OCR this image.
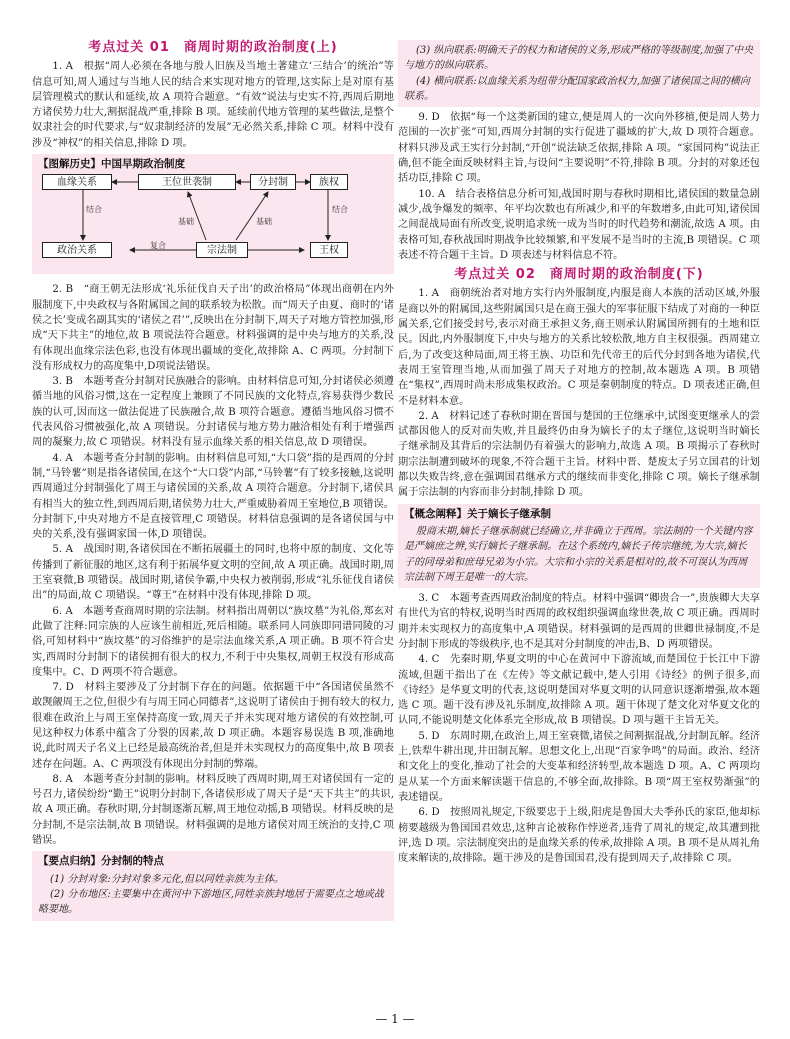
考点过关 01　商周时期的政治制度(上)

1. A　根据“周人必须在各地与殷人旧族及当地土著建立‘三结合’的统治”等信息可知,周人通过与当地人民的结合来实现对地方的管理,这实际上是对原有基层管理模式的默认和延续,故 A 项符合题意。“有效”说法与史实不符,西周后期地方诸侯势力壮大,割据混战严重,排除 B 项。延续前代地方管理的某些做法,是整个奴隶社会的时代要求,与“奴隶制经济的发展”无必然关系,排除 C 项。材料中没有涉及“神权”的相关信息,排除 D 项。

【图解历史】中国早期政治制度
血缘关系	王位世袭制	分封制	族权
政治关系	宗法制	王权
结合	结合
基础	基础
复合

2. B　“商王朝无法形成‘礼乐征伐自天子出’的政治格局”体现出商朝在内外服制度下,中央政权与各附属国之间的联系较为松散。而“周天子由夏、商时的‘诸侯之长’变成名副其实的‘诸侯之君’”,反映出在分封制下,周天子对地方管控加强,形成“天下共主”的地位,故 B 项说法符合题意。材料强调的是中央与地方的关系,没有体现出血缘宗法色彩,也没有体现出疆域的变化,故排除 A、C 两项。分封制下没有形成权力的高度集中,D项说法错误。

3. B　本题考查分封制对民族融合的影响。由材料信息可知,分封诸侯必须遵循当地的风俗习惯,这在一定程度上兼顾了不同民族的文化特点,容易获得少数民族的认可,因而这一做法促进了民族融合,故 B 项符合题意。遵循当地风俗习惯不代表风俗习惯被强化,故 A 项错误。分封诸侯与地方势力融洽相处有利于增强西周的凝聚力,故 C 项错误。材料没有显示血缘关系的相关信息,故 D 项错误。

4. A　本题考查分封制的影响。由材料信息可知,“大口袋”指的是西周的分封制,“马铃薯”则是指各诸侯国,在这个“大口袋”内部,“马铃薯”有了较多接触,这说明西周通过分封制强化了周王与诸侯国的关系,故 A 项符合题意。分封制下,诸侯具有相当大的独立性,到西周后期,诸侯势力壮大,严重威胁着周王室地位,B 项错误。分封制下,中央对地方不是直接管理,C 项错误。材料信息强调的是各诸侯国与中央的关系,没有强调家国一体,D 项错误。

5. A　战国时期,各诸侯国在不断拓展疆土的同时,也将中原的制度、文化等传播到了新征服的地区,这有利于拓展华夏文明的空间,故 A 项正确。战国时期,周王室衰微,B 项错误。战国时期,诸侯争霸,中央权力被削弱,形成“礼乐征伐自诸侯出”的局面,故 C 项错误。“尊王”在材料中没有体现,排除 D 项。

6. A　本题考查商周时期的宗法制。材料指出周朝以“族坟墓”为礼俗,郑玄对此做了注释:同宗族的人应该生前相近,死后相随。联系同人同族即同谱同陵的习俗,可知材料中“族坟墓”的习俗维护的是宗法血缘关系,A 项正确。B 项不符合史实,西周时分封制下的诸侯拥有很大的权力,不利于中央集权,周朝王权没有形成高度集中。C、D 两项不符合题意。

7. D　材料主要涉及了分封制下存在的问题。依据题干中“各国诸侯虽然不敢觊觎周王之位,但很少有与周王同心同德者”,这说明了诸侯由于拥有较大的权力,很难在政治上与周王室保持高度一致,周天子并未实现对地方诸侯的有效控制,可见这种权力体系中蕴含了分裂的因素,故 D 项正确。本题容易误选 B 项,准确地说,此时周天子名义上已经是最高统治者,但是并未实现权力的高度集中,故 B 项表述存在问题。A、C 两项没有体现出分封制的弊端。

8. A　本题考查分封制的影响。材料反映了西周时期,周王对诸侯国有一定的号召力,诸侯纷纷“勤王”说明分封制下,各诸侯形成了周天子是“天下共主”的共识,故 A 项正确。春秋时期,分封制逐渐瓦解,周王地位动摇,B 项错误。材料反映的是分封制,不是宗法制,故 B 项错误。材料强调的是地方诸侯对周王统治的支持,C 项错误。

【要点归纳】分封制的特点
(1) 分封对象:分封对象多元化,但以同姓亲族为主体。
(2) 分布地区:主要集中在黄河中下游地区,同姓亲族封地居于需要点之地或战略要地。
(3) 纵向联系:明确天子的权力和诸侯的义务,形成严格的等级制度,加强了中央与地方的纵向联系。
(4) 横向联系:以血缘关系为纽带分配国家政治权力,加强了诸侯国之间的横向联系。

9. D　依据“每一个这类新国的建立,便是周人的一次向外移植,便是周人势力范围的一次扩张”可知,西周分封制的实行促进了疆域的扩大,故 D 项符合题意。材料只涉及武王实行分封制,“开创”说法缺乏依据,排除 A 项。“家国同构”说法正确,但不能全面反映材料主旨,与设问“主要说明”不符,排除 B 项。分封的对象还包括功臣,排除 C 项。

10. A　结合表格信息分析可知,战国时期与春秋时期相比,诸侯国的数量急剧减少,战争爆发的频率、年平均次数也有所减少,和平的年数增多,由此可知,诸侯国之间混战局面有所改变,说明追求统一成为当时的时代趋势和潮流,故选 A 项。由表格可知,春秋战国时期战争比较频繁,和平发展不是当时的主流,B 项错误。C 项表述不符合题干主旨。D 项表述与材料信息不符。

考点过关 02　商周时期的政治制度(下)

1. A　商朝统治者对地方实行内外服制度,内服是商人本族的活动区域,外服是商以外的附属国,这些附属国只是在商王强大的军事征服下结成了对商的一种臣属关系,它们接受封号,表示对商王承担义务,商王则承认附属国所拥有的土地和臣民。因此,内外服制度下,中央与地方的关系比较松散,地方自主权很强。西周建立后,为了改变这种局面,周王将王族、功臣和先代帝王的后代分封到各地为诸侯,代表周王室管理当地,从而加强了周天子对地方的控制,故本题选 A 项。B 项错在“集权”,西周时尚未形成集权政治。C 项是秦朝制度的特点。D 项表述正确,但不是材料本意。

2. A　材料记述了春秋时期在晋国与楚国的王位继承中,试图变更继承人的尝试都因他人的反对而失败,并且最终仍由身为嫡长子的太子继位,这说明当时嫡长子继承制及其背后的宗法制仍有着强大的影响力,故选 A 项。B 项揭示了春秋时期宗法制遭到破坏的现象,不符合题干主旨。材料中晋、楚废太子另立国君的计划都以失败告终,意在强调国君继承方式的继续而非变化,排除 C 项。嫡长子继承制属于宗法制的内容而非分封制,排除 D 项。

【概念阐释】关于嫡长子继承制
殷商末期,嫡长子继承制就已经确立,并非确立于西周。宗法制的一个关键内容是严嫡庶之辨,实行嫡长子继承制。在这个系统内,嫡长子传宗继统,为大宗,嫡长子的同母弟和庶母兄弟为小宗。大宗和小宗的关系是相对的,故不可误认为西周宗法制下周王是唯一的大宗。

3. C　本题考查西周政治制度的特点。材料中强调“卿贵合一”,贵族卿大夫享有世代为官的特权,说明当时西周的政权组织强调血缘世袭,故 C 项正确。西周时期并未实现权力的高度集中,A 项错误。材料强调的是西周的世卿世禄制度,不是分封制下形成的等级秩序,也不是其对分封制度的冲击,B、D 两项错误。

4. C　先秦时期,华夏文明的中心在黄河中下游流域,而楚国位于长江中下游流域,但题干指出了在《左传》等文献记载中,楚人引用《诗经》的例子很多,而《诗经》是华夏文明的代表,这说明楚国对华夏文明的认同意识逐渐增强,故本题选 C 项。题干没有涉及礼乐制度,故排除 A 项。题干体现了楚文化对华夏文化的认同,不能说明楚文化体系完全形成,故 B 项错误。D 项与题干主旨无关。

5. D　东周时期,在政治上,周王室衰微,诸侯之间割据混战,分封制瓦解。经济上,铁犁牛耕出现,井田制瓦解。思想文化上,出现“百家争鸣”的局面。政治、经济和文化上的变化,推动了社会的大变革和经济转型,故本题选 D 项。A、C 两项均是从某一个方面来解读题干信息的,不够全面,故排除。B 项“周王室权势渐强”的表述错误。

6. D　按照周礼规定,下级要忠于上级,阳虎是鲁国大夫季孙氏的家臣,他却标榜要越级为鲁国国君效忠,这种言论被称作悖逆者,违背了周礼的规定,故其遭到批评,选 D 项。宗法制度突出的是血缘关系的传承,故排除 A 项。B 项不是从周礼角度来解读的,故排除。题干涉及的是鲁国国君,没有提到周天子,故排除 C 项。

— 1 —
